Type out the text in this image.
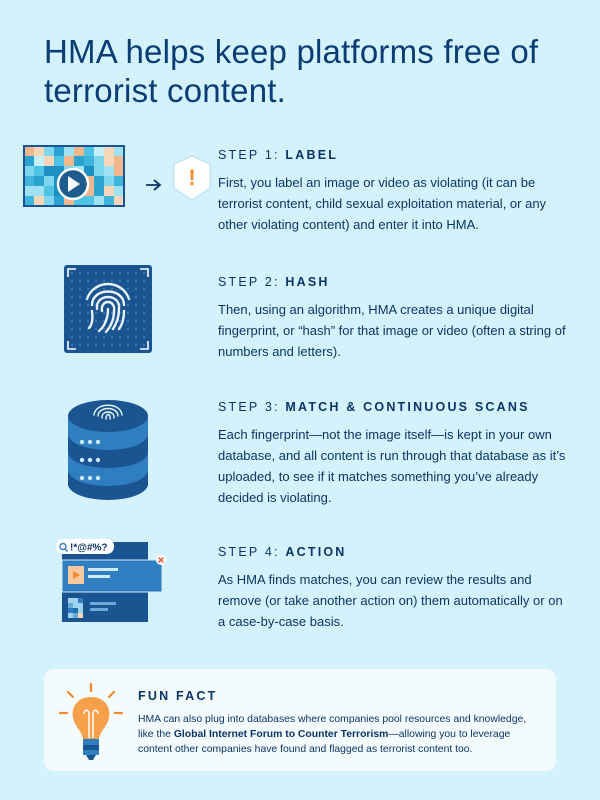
HMA helps keep platforms free of terrorist content.
!
STEP 1: LABEL
First, you label an image or video as violating (it can be terrorist content, child sexual exploitation material, or any other violating content) and enter it into HMA.
STEP 2: HASH
Then, using an algorithm, HMA creates a unique digital fingerprint, or “hash” for that image or video (often a string of numbers and letters).
STEP 3: MATCH & CONTINUOUS SCANS
Each fingerprint—not the image itself—is kept in your own database, and all content is run through that database as it’s uploaded, to see if it matches something you’ve already decided is violating.
!*@#%?	STEP 4: ACTION
As HMA finds matches, you can review the results and remove (or take another action on) them automatically or on a case-by-case basis.
FUN FACT
HMA can also plug into databases where companies pool resources and knowledge, like the Global Internet Forum to Counter Terrorism—allowing you to leverage content other companies have found and flagged as terrorist content too.
